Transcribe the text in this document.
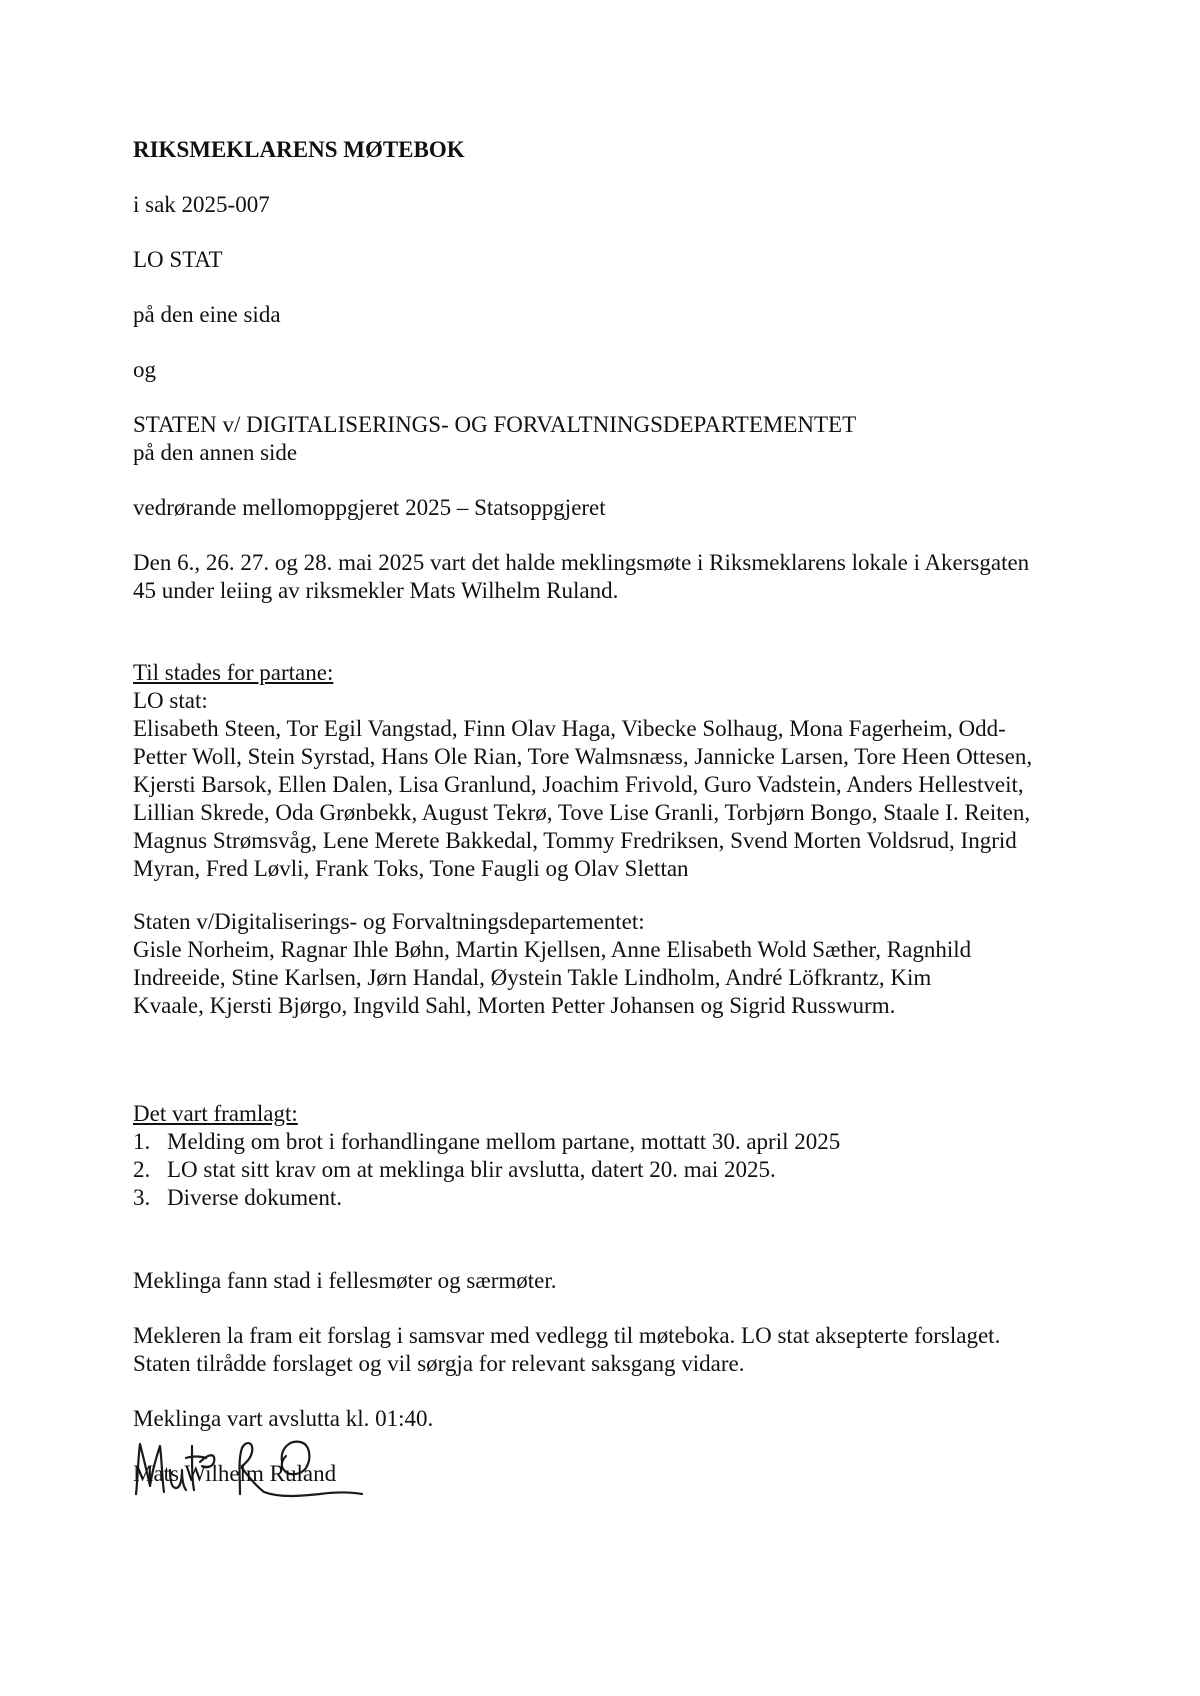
RIKSMEKLARENS MØTEBOK

i sak 2025-007

LO STAT

på den eine sida

og

STATEN v/ DIGITALISERINGS- OG FORVALTNINGSDEPARTEMENTET

på den annen side

vedrørande mellomoppgjeret 2025 – Statsoppgjeret

Den 6., 26. 27. og 28. mai 2025 vart det halde meklingsmøte i Riksmeklarens lokale i Akersgaten
45 under leiing av riksmekler Mats Wilhelm Ruland.
Til stades for partane:
LO stat:
Elisabeth Steen, Tor Egil Vangstad, Finn Olav Haga, Vibecke Solhaug, Mona Fagerheim, Odd-
Petter Woll, Stein Syrstad, Hans Ole Rian, Tore Walmsnæss, Jannicke Larsen, Tore Heen Ottesen,
Kjersti Barsok, Ellen Dalen, Lisa Granlund, Joachim Frivold, Guro Vadstein, Anders Hellestveit,
Lillian Skrede, Oda Grønbekk, August Tekrø, Tove Lise Granli, Torbjørn Bongo, Staale I. Reiten,
Magnus Strømsvåg, Lene Merete Bakkedal, Tommy Fredriksen, Svend Morten Voldsrud, Ingrid
Myran, Fred Løvli, Frank Toks, Tone Faugli og Olav Slettan
Staten v/Digitaliserings- og Forvaltningsdepartementet:
Gisle Norheim, Ragnar Ihle Bøhn, Martin Kjellsen, Anne Elisabeth Wold Sæther, Ragnhild
Indreeide, Stine Karlsen, Jørn Handal, Øystein Takle Lindholm, André Löfkrantz, Kim
Kvaale, Kjersti Bjørgo, Ingvild Sahl, Morten Petter Johansen og Sigrid Russwurm.

Det vart framlagt:

1. Melding om brot i forhandlingane mellom partane, mottatt 30. april 2025
2. LO stat sitt krav om at meklinga blir avslutta, datert 20. mai 2025.
3. Diverse dokument.

Meklinga fann stad i fellesmøter og særmøter.

Mekleren la fram eit forslag i samsvar med vedlegg til møteboka. LO stat aksepterte forslaget.
Staten tilrådde forslaget og vil sørgja for relevant saksgang vidare.

Meklinga vart avslutta kl. 01:40.

Mats Wilhelm Ruland
